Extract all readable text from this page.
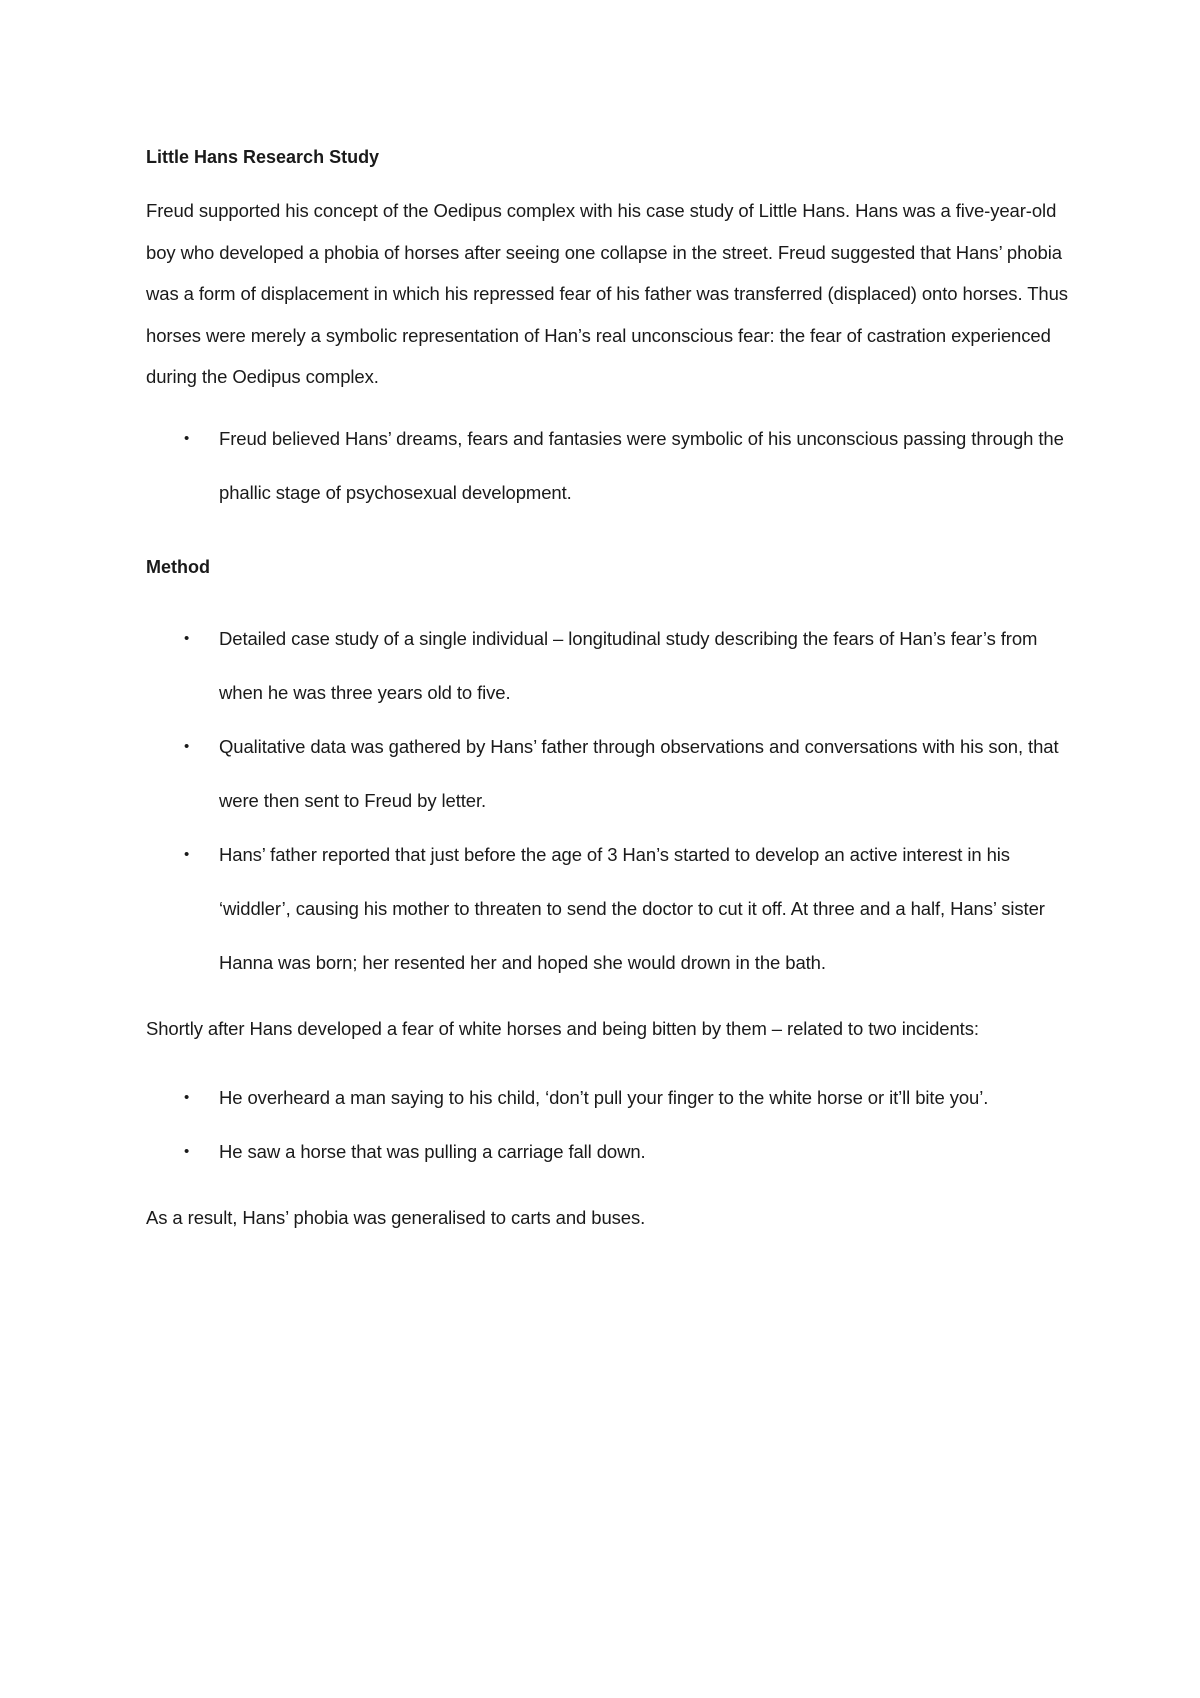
Little Hans Research Study

Freud supported his concept of the Oedipus complex with his case study of Little Hans. Hans was a five-year-old boy who developed a phobia of horses after seeing one collapse in the street. Freud suggested that Hans’ phobia was a form of displacement in which his repressed fear of his father was transferred (displaced) onto horses. Thus horses were merely a symbolic representation of Han’s real unconscious fear: the fear of castration experienced during the Oedipus complex.

• Freud believed Hans’ dreams, fears and fantasies were symbolic of his unconscious passing through the phallic stage of psychosexual development.

Method

• Detailed case study of a single individual – longitudinal study describing the fears of Han’s fear’s from when he was three years old to five.
• Qualitative data was gathered by Hans’ father through observations and conversations with his son, that were then sent to Freud by letter.
• Hans’ father reported that just before the age of 3 Han’s started to develop an active interest in his ‘widdler’, causing his mother to threaten to send the doctor to cut it off. At three and a half, Hans’ sister Hanna was born; her resented her and hoped she would drown in the bath.

Shortly after Hans developed a fear of white horses and being bitten by them – related to two incidents:

• He overheard a man saying to his child, ‘don’t pull your finger to the white horse or it’ll bite you’.
• He saw a horse that was pulling a carriage fall down.

As a result, Hans’ phobia was generalised to carts and buses.
